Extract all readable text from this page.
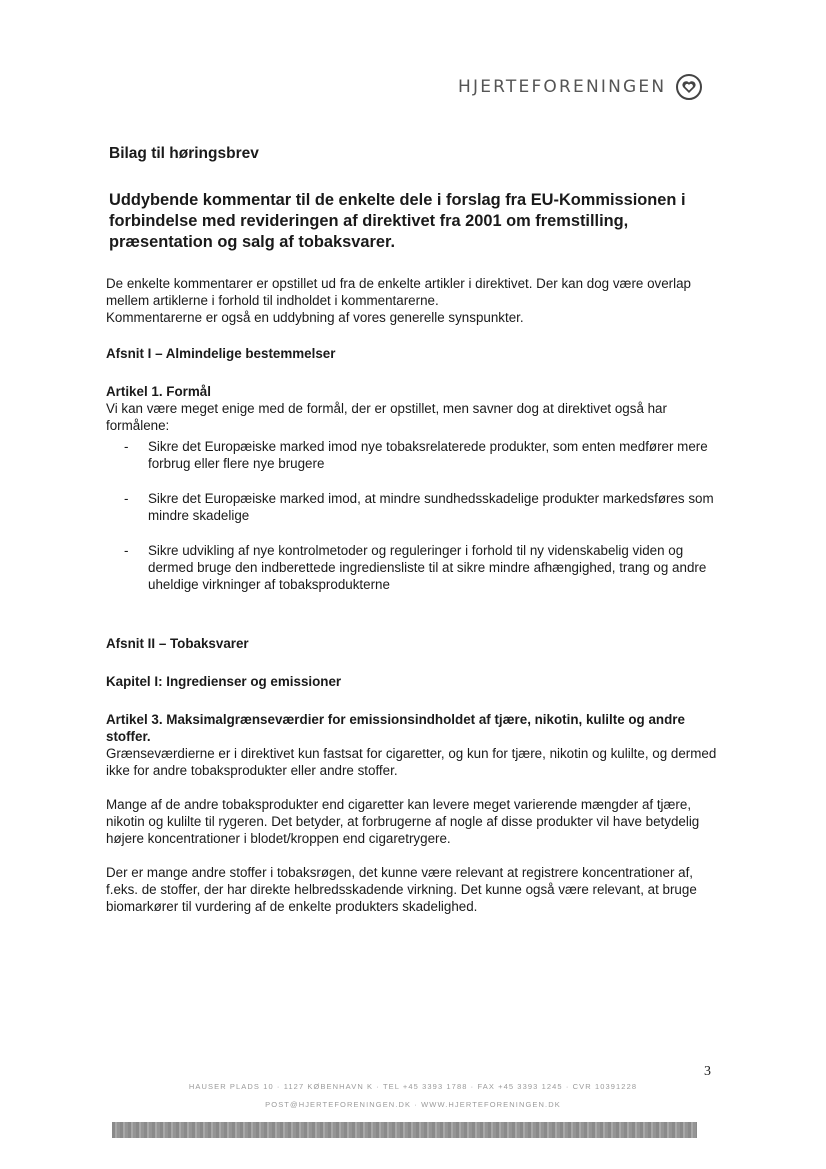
HJERTEFORENINGEN

Bilag til høringsbrev

Uddybende kommentar til de enkelte dele i forslag fra EU-Kommissionen i forbindelse med revideringen af direktivet fra 2001 om fremstilling, præsentation og salg af tobaksvarer.

De enkelte kommentarer er opstillet ud fra de enkelte artikler i direktivet. Der kan dog være overlap mellem artiklerne i forhold til indholdet i kommentarerne.

Kommentarerne er også en uddybning af vores generelle synspunkter.

Afsnit I – Almindelige bestemmelser

Artikel 1. Formål

Vi kan være meget enige med de formål, der er opstillet, men savner dog at direktivet også har formålene:

- Sikre det Europæiske marked imod nye tobaksrelaterede produkter, som enten medfører mere forbrug eller flere nye brugere
- Sikre det Europæiske marked imod, at mindre sundhedsskadelige produkter markedsføres som mindre skadelige
- Sikre udvikling af nye kontrolmetoder og reguleringer i forhold til ny videnskabelig viden og dermed bruge den indberettede ingrediensliste til at sikre mindre afhængighed, trang og andre uheldige virkninger af tobaksprodukterne

Afsnit II – Tobaksvarer

Kapitel I: Ingredienser og emissioner

Artikel 3. Maksimalgrænseværdier for emissionsindholdet af tjære, nikotin, kulilte og andre stoffer.

Grænseværdierne er i direktivet kun fastsat for cigaretter, og kun for tjære, nikotin og kulilte, og dermed ikke for andre tobaksprodukter eller andre stoffer.

Mange af de andre tobaksprodukter end cigaretter kan levere meget varierende mængder af tjære, nikotin og kulilte til rygeren. Det betyder, at forbrugerne af nogle af disse produkter vil have betydelig højere koncentrationer i blodet/kroppen end cigaretrygere.

Der er mange andre stoffer i tobaksrøgen, det kunne være relevant at registrere koncentrationer af, f.eks. de stoffer, der har direkte helbredsskadende virkning. Det kunne også være relevant, at bruge biomarkører til vurdering af de enkelte produkters skadelighed.

3
HAUSER PLADS 10 · 1127 KØBENHAVN K · TEL +45 3393 1788 · FAX +45 3393 1245 · CVR 10391228
POST@HJERTEFORENINGEN.DK · WWW.HJERTEFORENINGEN.DK
